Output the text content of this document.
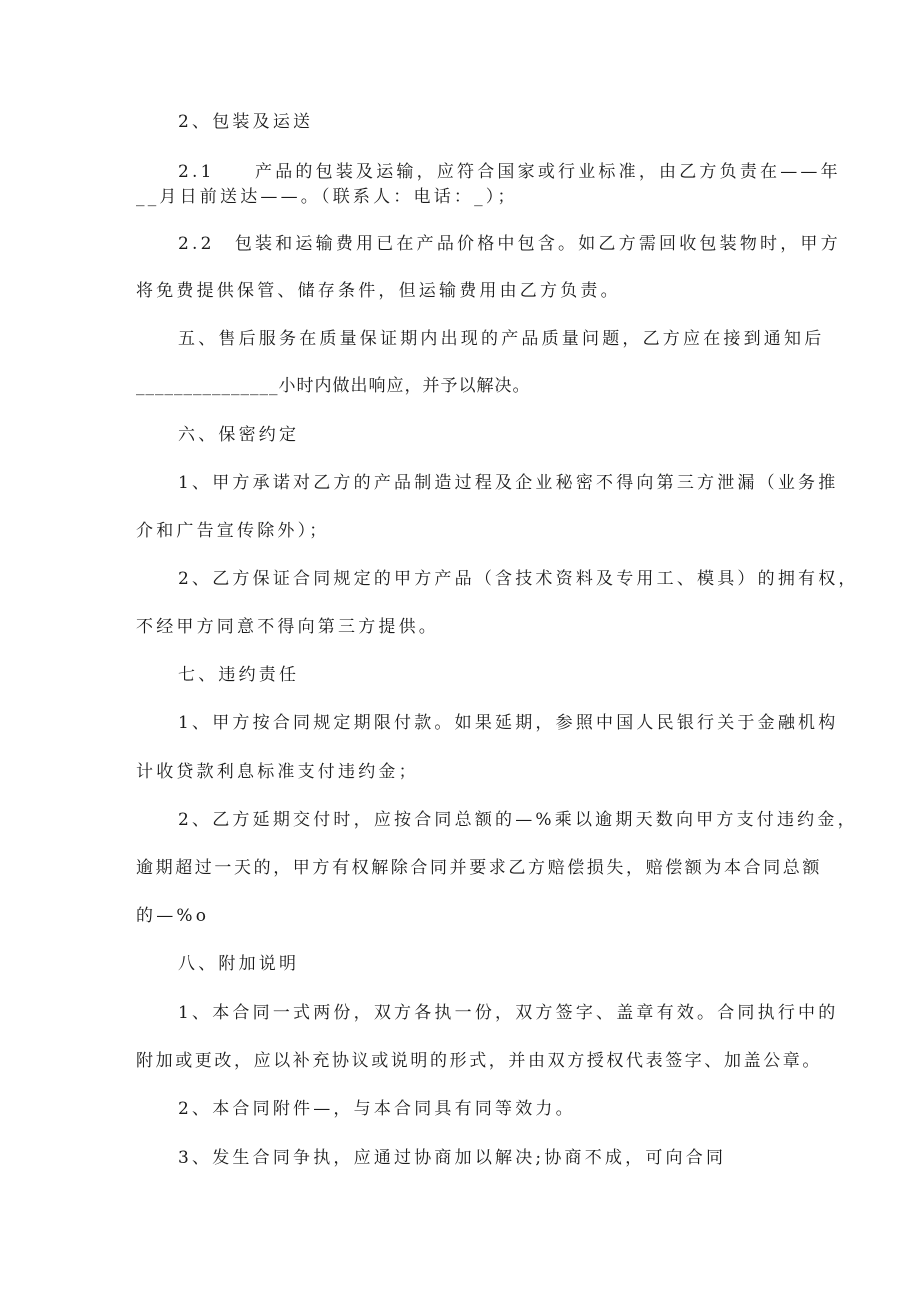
2、包装及运送
2.1　　产品的包装及运输，应符合国家或行业标准，由乙方负责在——年
__月日前送达——。（联系人：电话：_）；
2.2　包装和运输费用已在产品价格中包含。如乙方需回收包装物时，甲方
将免费提供保管、储存条件，但运输费用由乙方负责。
五、售后服务在质量保证期内出现的产品质量问题，乙方应在接到通知后
_______________小时内做出响应，并予以解决。
六、保密约定
1、甲方承诺对乙方的产品制造过程及企业秘密不得向第三方泄漏（业务推
介和广告宣传除外）；
2、乙方保证合同规定的甲方产品（含技术资料及专用工、模具）的拥有权，
不经甲方同意不得向第三方提供。
七、违约责任
1、甲方按合同规定期限付款。如果延期，参照中国人民银行关于金融机构
计收贷款利息标准支付违约金；
2、乙方延期交付时，应按合同总额的—%乘以逾期天数向甲方支付违约金，
逾期超过一天的，甲方有权解除合同并要求乙方赔偿损失，赔偿额为本合同总额
的—%o
八、附加说明
1、本合同一式两份，双方各执一份，双方签字、盖章有效。合同执行中的
附加或更改，应以补充协议或说明的形式，并由双方授权代表签字、加盖公章。
2、本合同附件—，与本合同具有同等效力。
3、发生合同争执，应通过协商加以解决;协商不成，可向合同
